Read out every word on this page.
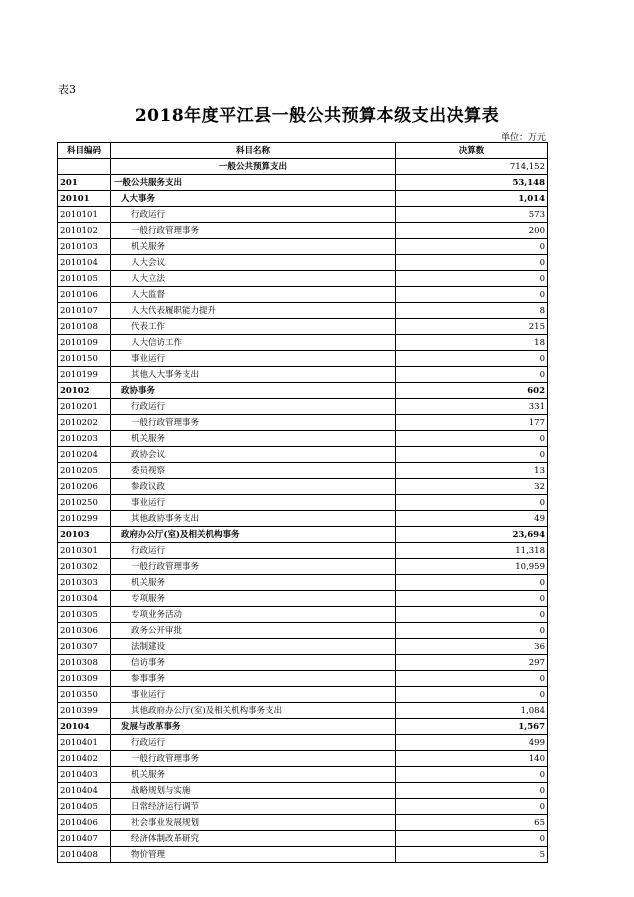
表3
2018年度平江县一般公共预算本级支出决算表
单位：万元
科目编码	科目名称	决算数
	一般公共预算支出	714,152
201	一般公共服务支出	53,148
20101	人大事务	1,014
2010101	行政运行	573
2010102	一般行政管理事务	200
2010103	机关服务	0
2010104	人大会议	0
2010105	人大立法	0
2010106	人大监督	0
2010107	人大代表履职能力提升	8
2010108	代表工作	215
2010109	人大信访工作	18
2010150	事业运行	0
2010199	其他人大事务支出	0
20102	政协事务	602
2010201	行政运行	331
2010202	一般行政管理事务	177
2010203	机关服务	0
2010204	政协会议	0
2010205	委员视察	13
2010206	参政议政	32
2010250	事业运行	0
2010299	其他政协事务支出	49
20103	政府办公厅(室)及相关机构事务	23,694
2010301	行政运行	11,318
2010302	一般行政管理事务	10,959
2010303	机关服务	0
2010304	专项服务	0
2010305	专项业务活动	0
2010306	政务公开审批	0
2010307	法制建设	36
2010308	信访事务	297
2010309	参事事务	0
2010350	事业运行	0
2010399	其他政府办公厅(室)及相关机构事务支出	1,084
20104	发展与改革事务	1,567
2010401	行政运行	499
2010402	一般行政管理事务	140
2010403	机关服务	0
2010404	战略规划与实施	0
2010405	日常经济运行调节	0
2010406	社会事业发展规划	65
2010407	经济体制改革研究	0
2010408	物价管理	5
